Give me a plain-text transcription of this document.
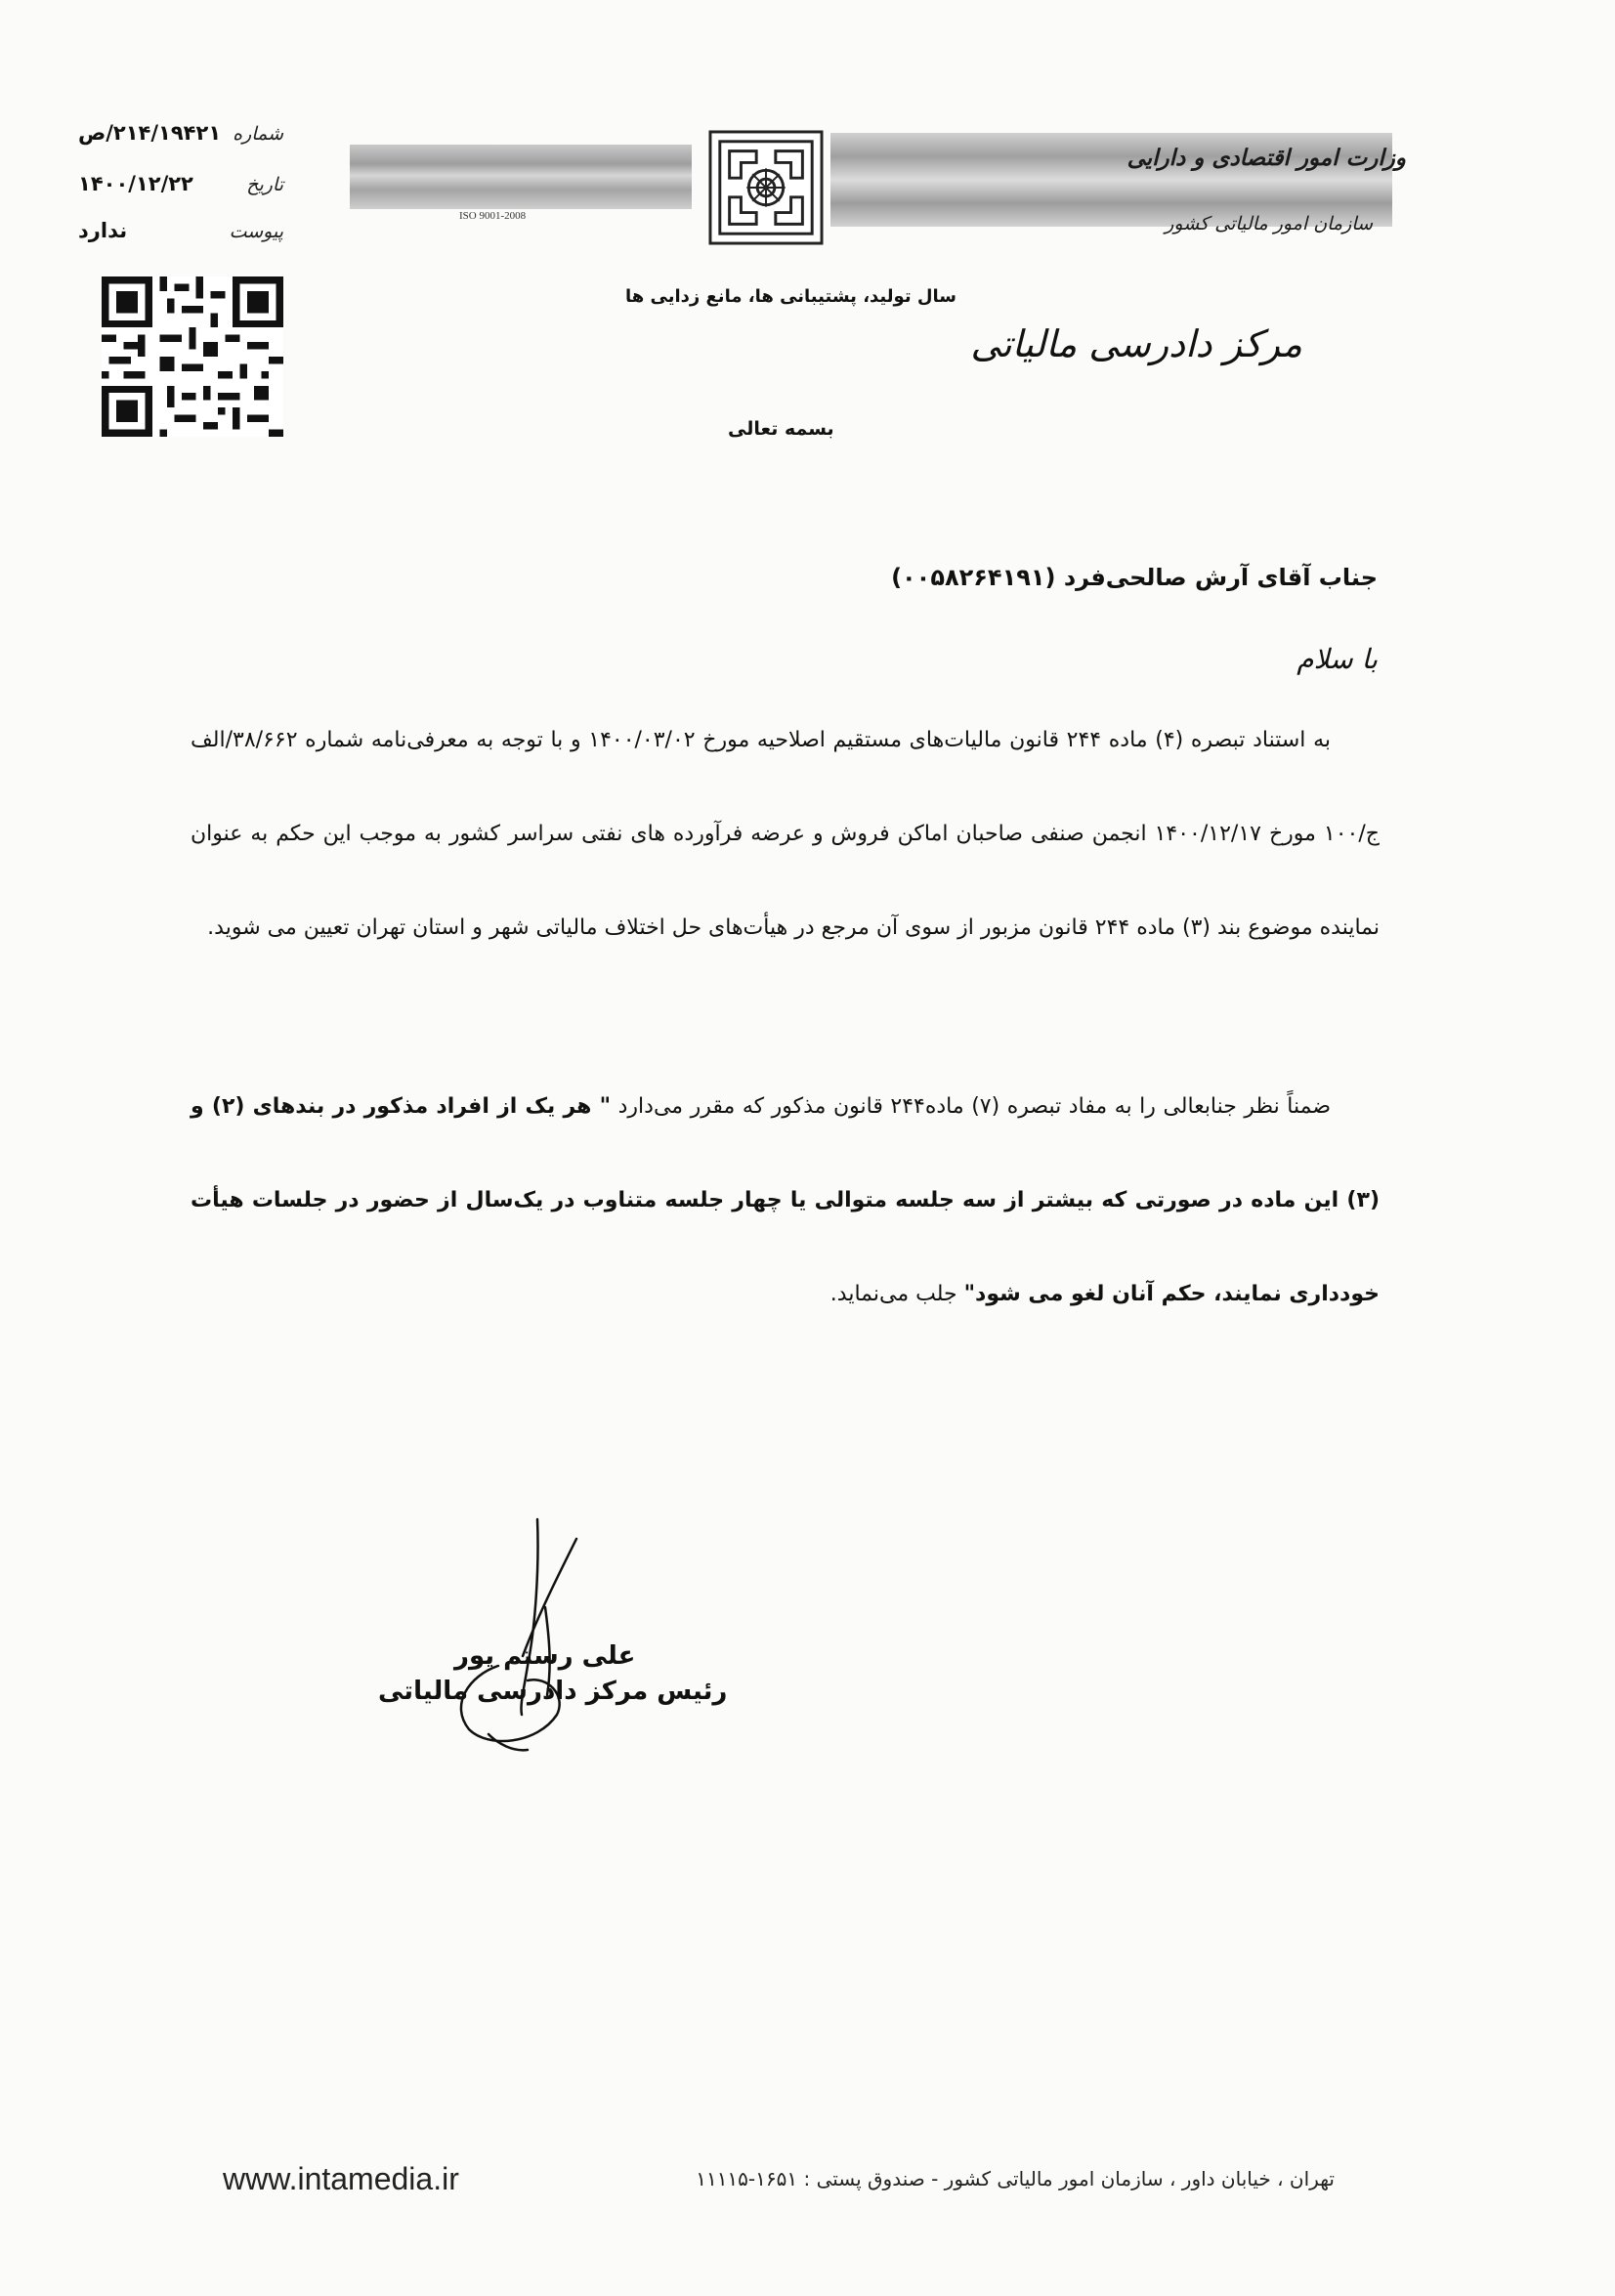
شماره
۲۱۴/۱۹۴۲۱/ص
تاریخ
۱۴۰۰/۱۲/۲۲
پیوست
ندارد
ISO 9001-2008
وزارت امور اقتصادی و دارایی
سازمان امور مالیاتی کشور
سال تولید، پشتیبانی ها، مانع زدایی ها
مرکز دادرسی مالیاتی
بسمه تعالی
جناب آقای آرش صالحی‌فرد (۰۰۵۸۲۶۴۱۹۱)
با سلام
به استناد تبصره (۴) ماده ۲۴۴ قانون مالیات‌های مستقیم اصلاحیه مورخ ۱۴۰۰/۰۳/۰۲ و با توجه به معرفی‌نامه شماره ۳۸/۶۶۲/الف ج/۱۰۰ مورخ ۱۴۰۰/۱۲/۱۷ انجمن صنفی صاحبان اماکن فروش و عرضه فرآورده های نفتی سراسر کشور به موجب این حکم به عنوان نماینده موضوع بند (۳) ماده ۲۴۴ قانون مزبور از سوی آن مرجع در هیأت‌های حل اختلاف مالیاتی شهر و استان تهران تعیین می شوید.
ضمناً نظر جنابعالی را به مفاد تبصره (۷) ماده۲۴۴ قانون مذکور که مقرر می‌دارد " هر یک از افراد مذکور در بندهای (۲) و (۳) این ماده در صورتی که بیشتر از سه جلسه متوالی یا چهار جلسه متناوب در یک‌سال از حضور در جلسات هیأت خودداری نمایند، حکم آنان لغو می شود" جلب می‌نماید.
علی رستم پور
رئیس مرکز دادرسی مالیاتی
www.intamedia.ir	تهران ، خیابان داور ، سازمان امور مالیاتی کشور - صندوق پستی : ۱۶۵۱-۱۱۱۱۵
